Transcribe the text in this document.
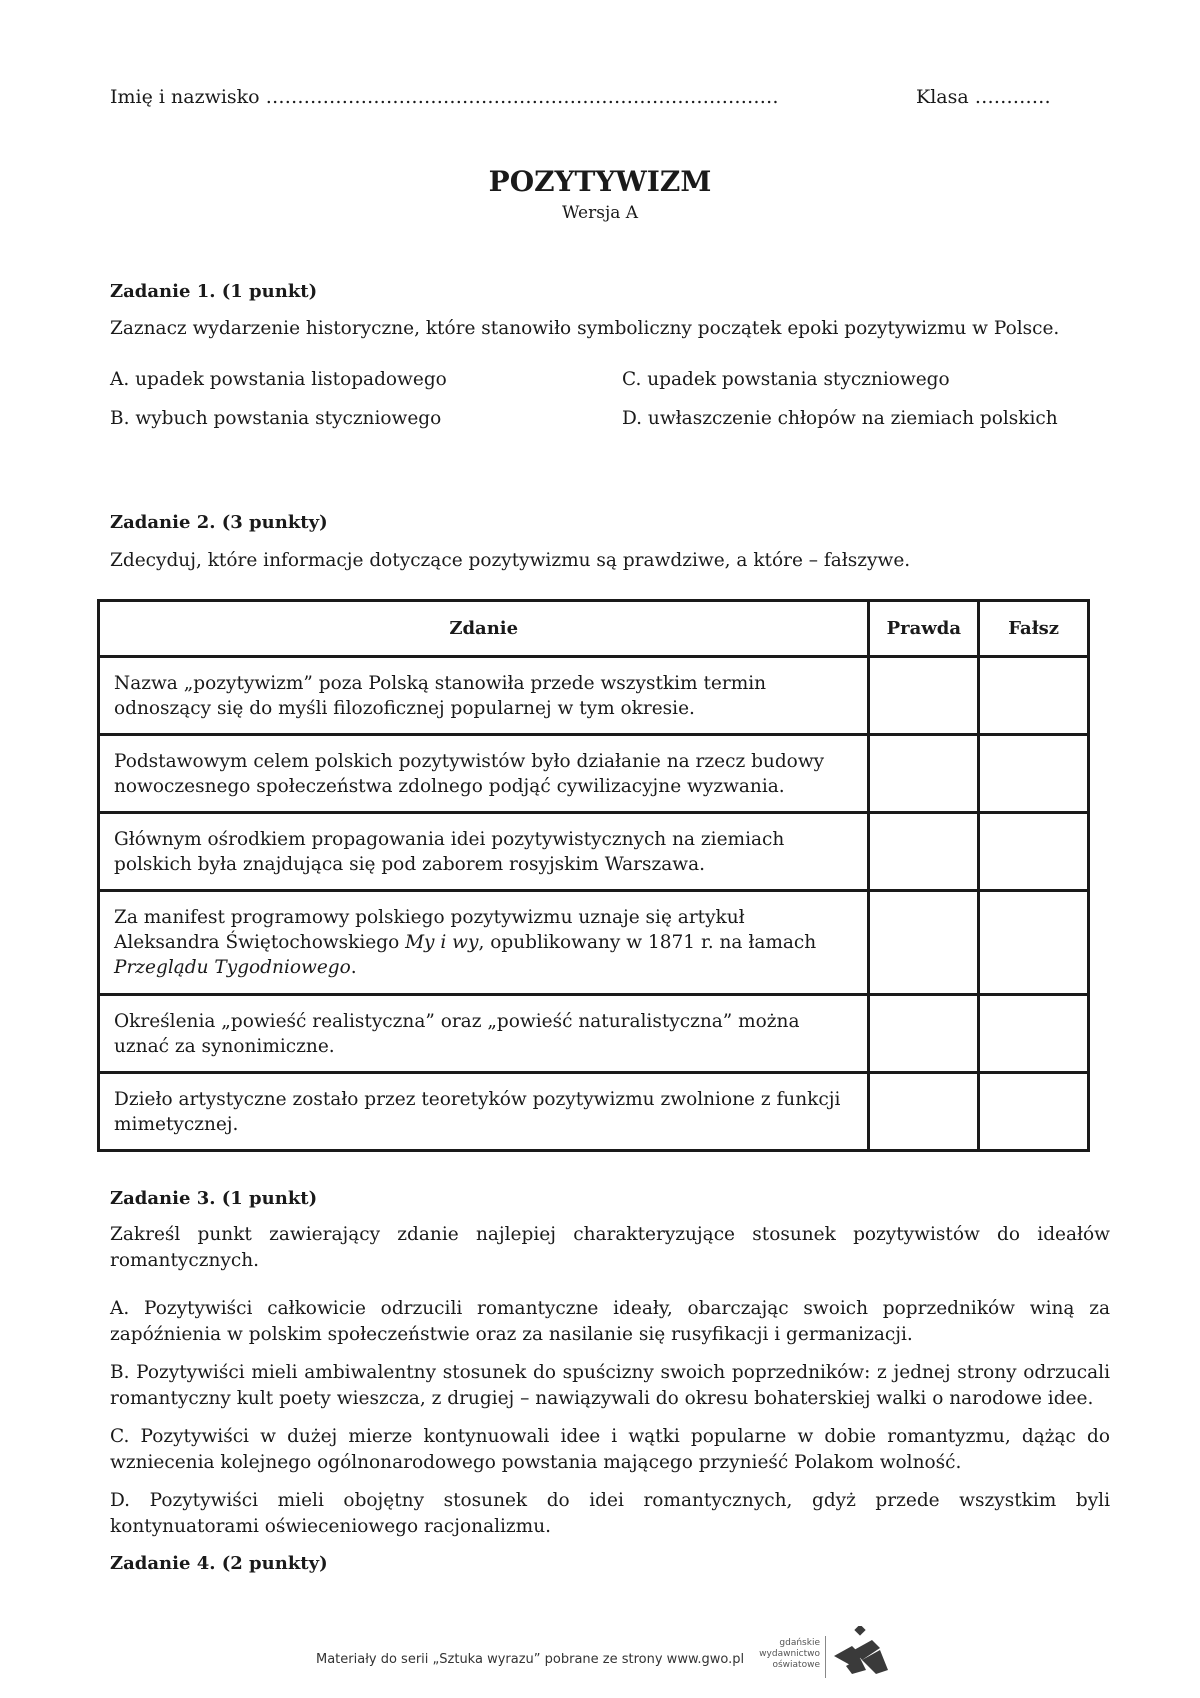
Imię i nazwisko ………………………………………………………………………	Klasa …………
POZYTYWIZM
Wersja A
Zadanie 1. (1 punkt)
Zaznacz wydarzenie historyczne, które stanowiło symboliczny początek epoki pozytywizmu w Polsce.
A. upadek powstania listopadowego	C. upadek powstania styczniowego
B. wybuch powstania styczniowego	D. uwłaszczenie chłopów na ziemiach polskich
Zadanie 2. (3 punkty)
Zdecyduj, które informacje dotyczące pozytywizmu są prawdziwe, a które – fałszywe.
Zdanie	Prawda	Fałsz
Nazwa „pozytywizm” poza Polską stanowiła przede wszystkim termin odnoszący się do myśli filozoficznej popularnej w tym okresie.		
Podstawowym celem polskich pozytywistów było działanie na rzecz budowy nowoczesnego społeczeństwa zdolnego podjąć cywilizacyjne wyzwania.		
Głównym ośrodkiem propagowania idei pozytywistycznych na ziemiach polskich była znajdująca się pod zaborem rosyjskim Warszawa.		
Za manifest programowy polskiego pozytywizmu uznaje się artykuł Aleksandra Świętochowskiego My i wy, opublikowany w 1871 r. na łamach Przeglądu Tygodniowego.		
Określenia „powieść realistyczna” oraz „powieść naturalistyczna” można uznać za synonimiczne.		
Dzieło artystyczne zostało przez teoretyków pozytywizmu zwolnione z funkcji mimetycznej.		
Zadanie 3. (1 punkt)
Zakreśl punkt zawierający zdanie najlepiej charakteryzujące stosunek pozytywistów do ideałów romantycznych.
A. Pozytywiści całkowicie odrzucili romantyczne ideały, obarczając swoich poprzedników winą za zapóźnienia w polskim społeczeństwie oraz za nasilanie się rusyfikacji i germanizacji.
B. Pozytywiści mieli ambiwalentny stosunek do spuścizny swoich poprzedników: z jednej strony odrzucali romantyczny kult poety wieszcza, z drugiej – nawiązywali do okresu bohaterskiej walki o narodowe idee.
C. Pozytywiści w dużej mierze kontynuowali idee i wątki popularne w dobie romantyzmu, dążąc do wzniecenia kolejnego ogólnonarodowego powstania mającego przynieść Polakom wolność.
D. Pozytywiści mieli obojętny stosunek do idei romantycznych, gdyż przede wszystkim byli kontynuatorami oświeceniowego racjonalizmu.
Zadanie 4. (2 punkty)
Materiały do serii „Sztuka wyrazu” pobrane ze strony www.gwo.pl
gdańskie wydawnictwo oświatowe
